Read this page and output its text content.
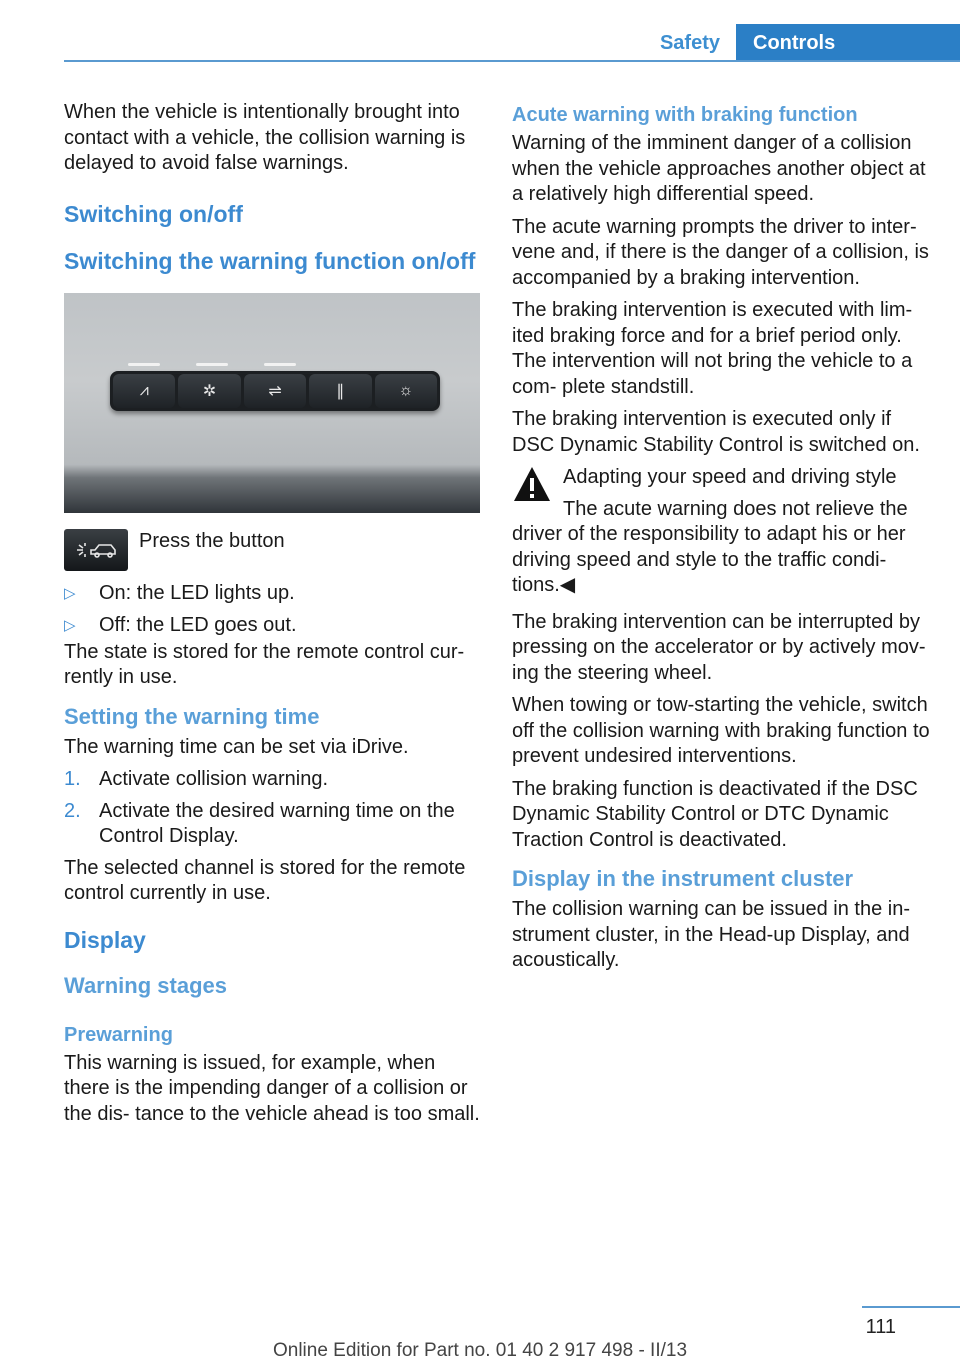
Safety	Controls

When the vehicle is intentionally brought into contact with a vehicle, the collision warning is delayed to avoid false warnings.

Switching on/off
Switching the warning function on/off
⩘	✲	⇌	∥	☼
Press the button
▷ On: the LED lights up.
▷ Off: the LED goes out.

The state is stored for the remote control cur‐ rently in use.

Setting the warning time

The warning time can be set via iDrive.

1. Activate collision warning.
2. Activate the desired warning time on the Control Display.

The selected channel is stored for the remote control currently in use.

Display
Warning stages
Prewarning

This warning is issued, for example, when there is the impending danger of a collision or the dis‐ tance to the vehicle ahead is too small.

Acute warning with braking function

Warning of the imminent danger of a collision when the vehicle approaches another object at a relatively high differential speed.

The acute warning prompts the driver to inter‐ vene and, if there is the danger of a collision, is accompanied by a braking intervention.

The braking intervention is executed with lim‐ ited braking force and for a brief period only. The intervention will not bring the vehicle to a com‐ plete standstill.

The braking intervention is executed only if DSC Dynamic Stability Control is switched on.

Adapting your speed and driving style

The acute warning does not relieve the driver of the responsibility to adapt his or her driving speed and style to the traffic condi‐ tions.◀

The braking intervention can be interrupted by pressing on the accelerator or by actively mov‐ ing the steering wheel.

When towing or tow-starting the vehicle, switch off the collision warning with braking function to prevent undesired interventions.

The braking function is deactivated if the DSC Dynamic Stability Control or DTC Dynamic Traction Control is deactivated.

Display in the instrument cluster

The collision warning can be issued in the in‐ strument cluster, in the Head-up Display, and acoustically.

111
Online Edition for Part no. 01 40 2 917 498 - II/13
